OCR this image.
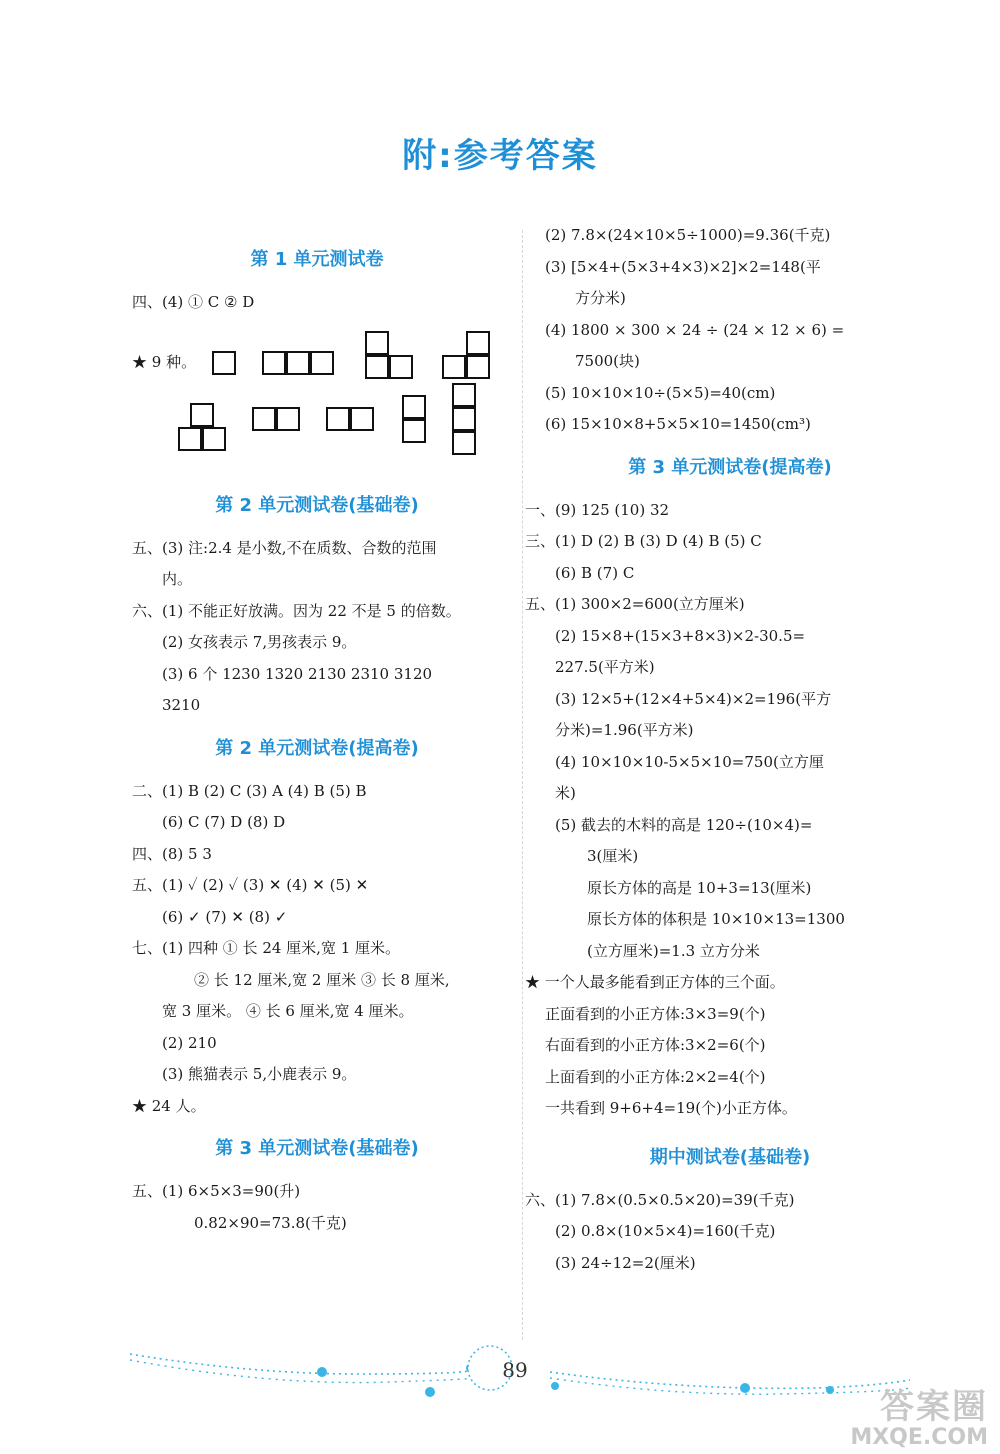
附:参考答案
第 1 单元测试卷
四、(4) ① C ② D
★ 9 种。
第 2 单元测试卷(基础卷)
五、(3) 注:2.4 是小数,不在质数、合数的范围
内。
六、(1) 不能正好放满。因为 22 不是 5 的倍数。
(2) 女孩表示 7,男孩表示 9。
(3) 6 个 1230 1320 2130 2310 3120
3210
第 2 单元测试卷(提高卷)
二、(1) B (2) C (3) A (4) B (5) B
(6) C (7) D (8) D
四、(8) 5 3
五、(1) ✓ (2) ✓ (3) ✕ (4) ✕ (5) ✕
(6) ✓ (7) ✕ (8) ✓
七、(1) 四种 ① 长 24 厘米,宽 1 厘米。
② 长 12 厘米,宽 2 厘米 ③ 长 8 厘米,
宽 3 厘米。 ④ 长 6 厘米,宽 4 厘米。
(2) 210
(3) 熊猫表示 5,小鹿表示 9。
★ 24 人。
第 3 单元测试卷(基础卷)
五、(1) 6×5×3=90(升)
0.82×90=73.8(千克)
(2) 7.8×(24×10×5÷1000)=9.36(千克)
(3) [5×4+(5×3+4×3)×2]×2=148(平
方分米)
(4) 1800 × 300 × 24 ÷ (24 × 12 × 6) =
7500(块)
(5) 10×10×10÷(5×5)=40(cm)
(6) 15×10×8+5×5×10=1450(cm³)
第 3 单元测试卷(提高卷)
一、(9) 125 (10) 32
三、(1) D (2) B (3) D (4) B (5) C
(6) B (7) C
五、(1) 300×2=600(立方厘米)
(2) 15×8+(15×3+8×3)×2-30.5=
227.5(平方米)
(3) 12×5+(12×4+5×4)×2=196(平方
分米)=1.96(平方米)
(4) 10×10×10-5×5×10=750(立方厘
米)
(5) 截去的木料的高是 120÷(10×4)=
3(厘米)
原长方体的高是 10+3=13(厘米)
原长方体的体积是 10×10×13=1300
(立方厘米)=1.3 立方分米
★ 一个人最多能看到正方体的三个面。
正面看到的小正方体:3×3=9(个)
右面看到的小正方体:3×2=6(个)
上面看到的小正方体:2×2=4(个)
一共看到 9+6+4=19(个)小正方体。
期中测试卷(基础卷)
六、(1) 7.8×(0.5×0.5×20)=39(千克)
(2) 0.8×(10×5×4)=160(千克)
(3) 24÷12=2(厘米)
89
答案圈
MXQE.COM
